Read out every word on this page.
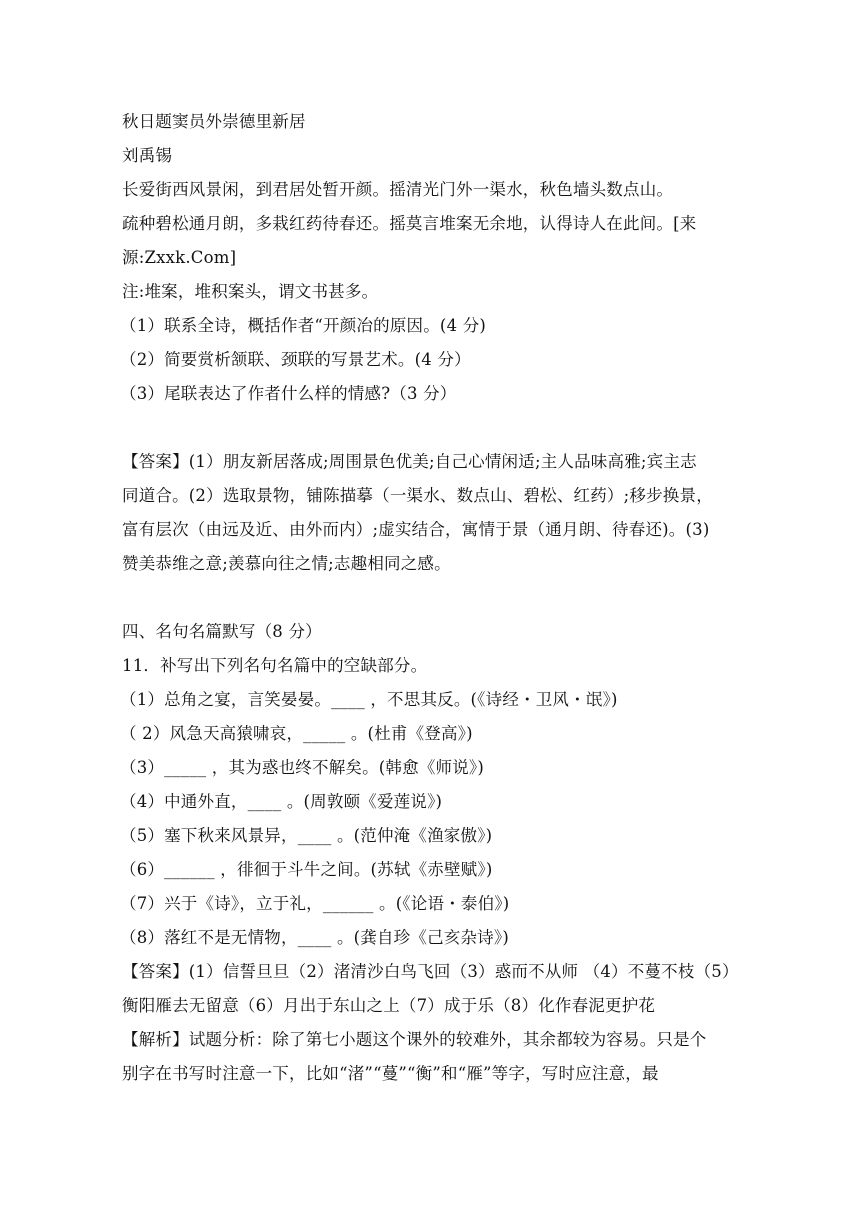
秋日题窦员外崇德里新居
刘禹锡
长爱街西风景闲，到君居处暂开颜。摇清光门外一渠水，秋色墙头数点山。
疏种碧松通月朗，多栽红药待春还。摇莫言堆案无余地，认得诗人在此间。[来
源:Zxxk.Com]
注:堆案，堆积案头，谓文书甚多。
（1）联系全诗，概括作者“开颜冶的原因。(4 分)
（2）简要赏析颔联、颈联的写景艺术。(4 分）
（3）尾联表达了作者什么样的情感?（3 分）
【答案】(1）朋友新居落成;周围景色优美;自己心情闲适;主人品味高雅;宾主志
同道合。(2）选取景物，铺陈描摹（一渠水、数点山、碧松、红药）;移步换景，
富有层次（由远及近、由外而内）;虚实结合，寓情于景（通月朗、待春还)。(3)
赞美恭维之意;羡慕向往之情;志趣相同之感。
四、名句名篇默写（8 分）
11．补写出下列名句名篇中的空缺部分。
（1）总角之宴，言笑晏晏。____ ，不思其反。(《诗经・卫风・氓》)
（ 2）风急天高猿啸哀，_____ 。(杜甫《登高》)
（3）_____ ，其为惑也终不解矣。(韩愈《师说》)
（4）中通外直，____ 。(周敦颐《爱莲说》)
（5）塞下秋来风景异，____ 。(范仲淹《渔家傲》)
（6）______ ，徘徊于斗牛之间。(苏轼《赤壁赋》)
（7）兴于《诗》，立于礼，______ 。(《论语・泰伯》)
（8）落红不是无情物，____ 。(龚自珍《己亥杂诗》)
【答案】(1）信誓旦旦（2）渚清沙白鸟飞回（3）惑而不从师 （4）不蔓不枝（5）
衡阳雁去无留意（6）月出于东山之上（7）成于乐（8）化作春泥更护花
【解析】试题分析：除了第七小题这个课外的较难外，其余都较为容易。只是个
别字在书写时注意一下，比如“渚”“蔓”“衡”和“雁”等字，写时应注意，最
